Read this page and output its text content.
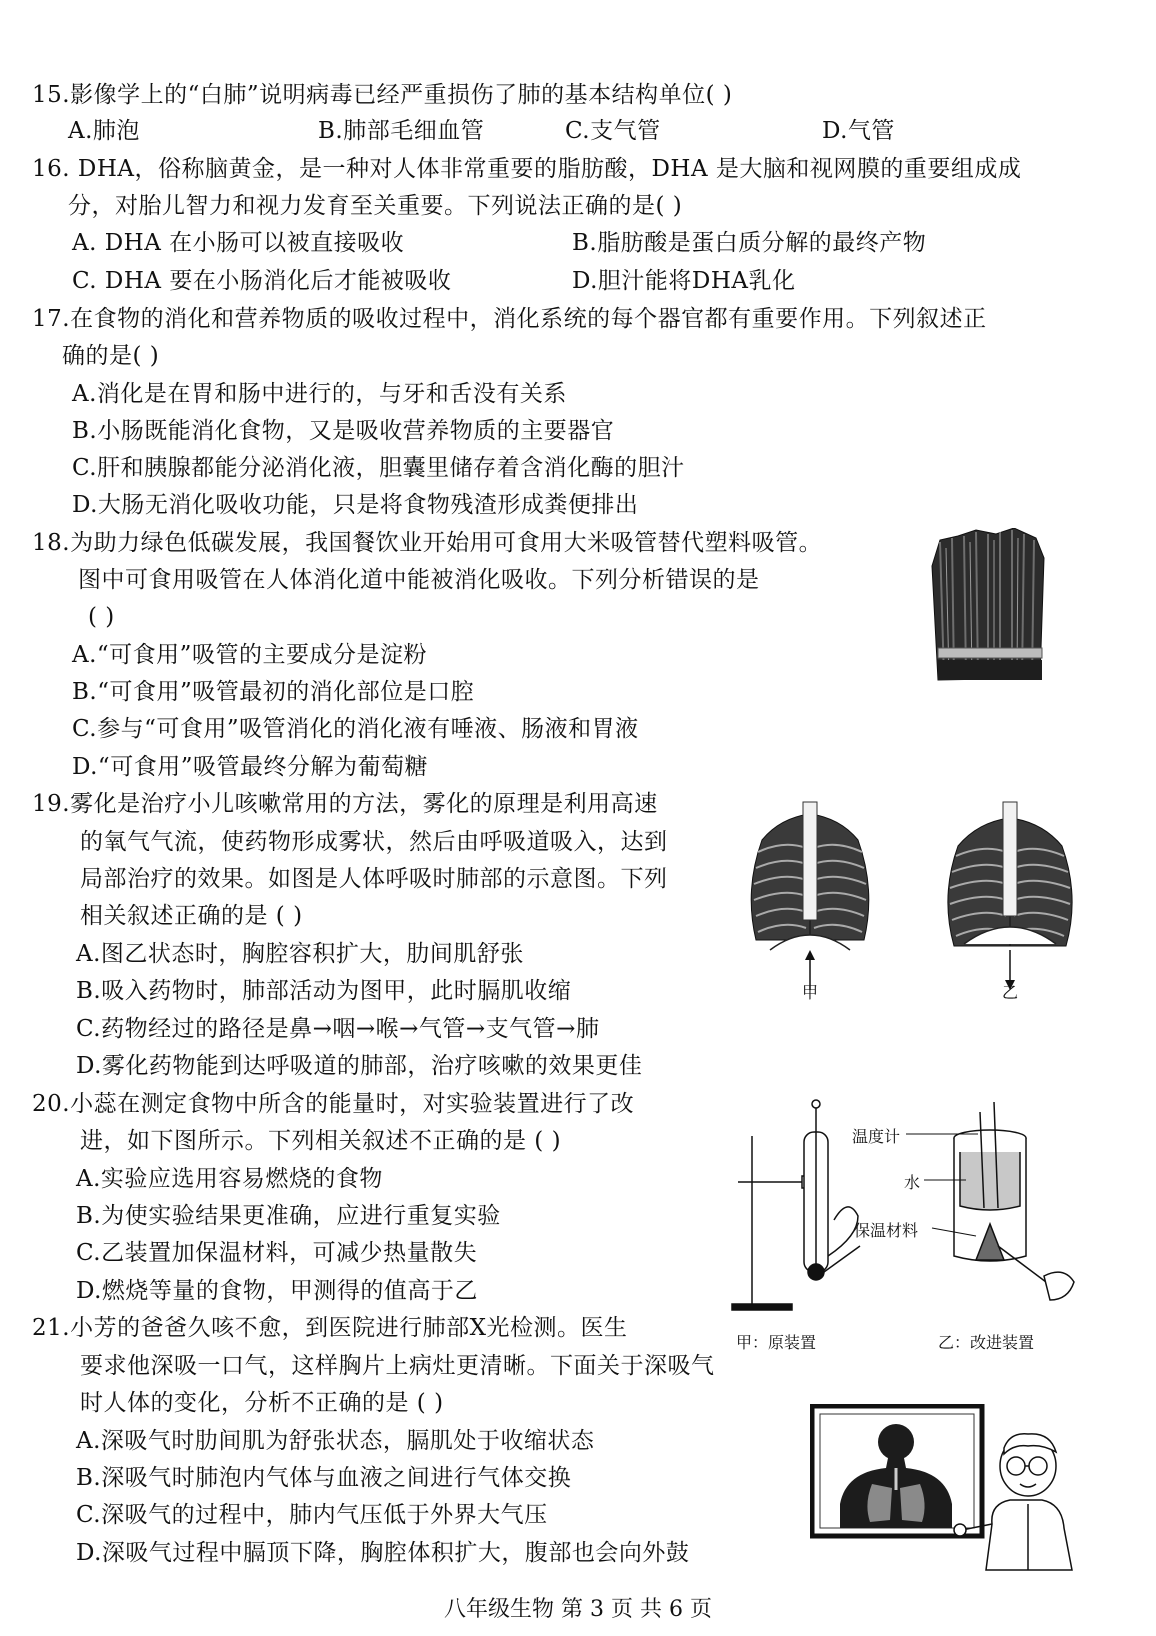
15.影像学上的“白肺”说明病毒已经严重损伤了肺的基本结构单位( )
A.肺泡	B.肺部毛细血管	C.支气管	D.气管
16. DHA，俗称脑黄金，是一种对人体非常重要的脂肪酸，DHA 是大脑和视网膜的重要组成成
分，对胎儿智力和视力发育至关重要。下列说法正确的是( )
A. DHA 在小肠可以被直接吸收	B.脂肪酸是蛋白质分解的最终产物
C. DHA 要在小肠消化后才能被吸收	D.胆汁能将DHA乳化
17.在食物的消化和营养物质的吸收过程中，消化系统的每个器官都有重要作用。下列叙述正
确的是( )
A.消化是在胃和肠中进行的，与牙和舌没有关系
B.小肠既能消化食物，又是吸收营养物质的主要器官
C.肝和胰腺都能分泌消化液，胆囊里储存着含消化酶的胆汁
D.大肠无消化吸收功能，只是将食物残渣形成粪便排出
18.为助力绿色低碳发展，我国餐饮业开始用可食用大米吸管替代塑料吸管。
图中可食用吸管在人体消化道中能被消化吸收。下列分析错误的是
( )
A.“可食用”吸管的主要成分是淀粉
B.“可食用”吸管最初的消化部位是口腔
C.参与“可食用”吸管消化的消化液有唾液、肠液和胃液
D.“可食用”吸管最终分解为葡萄糖
19.雾化是治疗小儿咳嗽常用的方法，雾化的原理是利用高速
的氧气气流，使药物形成雾状，然后由呼吸道吸入，达到
局部治疗的效果。如图是人体呼吸时肺部的示意图。下列
相关叙述正确的是 ( )
A.图乙状态时，胸腔容积扩大，肋间肌舒张
B.吸入药物时，肺部活动为图甲，此时膈肌收缩
C.药物经过的路径是鼻→咽→喉→气管→支气管→肺
D.雾化药物能到达呼吸道的肺部，治疗咳嗽的效果更佳
甲	乙
20.小蕊在测定食物中所含的能量时，对实验装置进行了改
进，如下图所示。下列相关叙述不正确的是 ( )
A.实验应选用容易燃烧的食物
B.为使实验结果更准确，应进行重复实验
C.乙装置加保温材料，可减少热量散失
D.燃烧等量的食物，甲测得的值高于乙
温度计
水
保温材料
甲：原装置	乙：改进装置
21.小芳的爸爸久咳不愈，到医院进行肺部X光检测。医生
要求他深吸一口气，这样胸片上病灶更清晰。下面关于深吸气
时人体的变化，分析不正确的是 ( )
A.深吸气时肋间肌为舒张状态，膈肌处于收缩状态
B.深吸气时肺泡内气体与血液之间进行气体交换
C.深吸气的过程中，肺内气压低于外界大气压
D.深吸气过程中膈顶下降，胸腔体积扩大，腹部也会向外鼓
八年级生物 第 3 页 共 6 页
